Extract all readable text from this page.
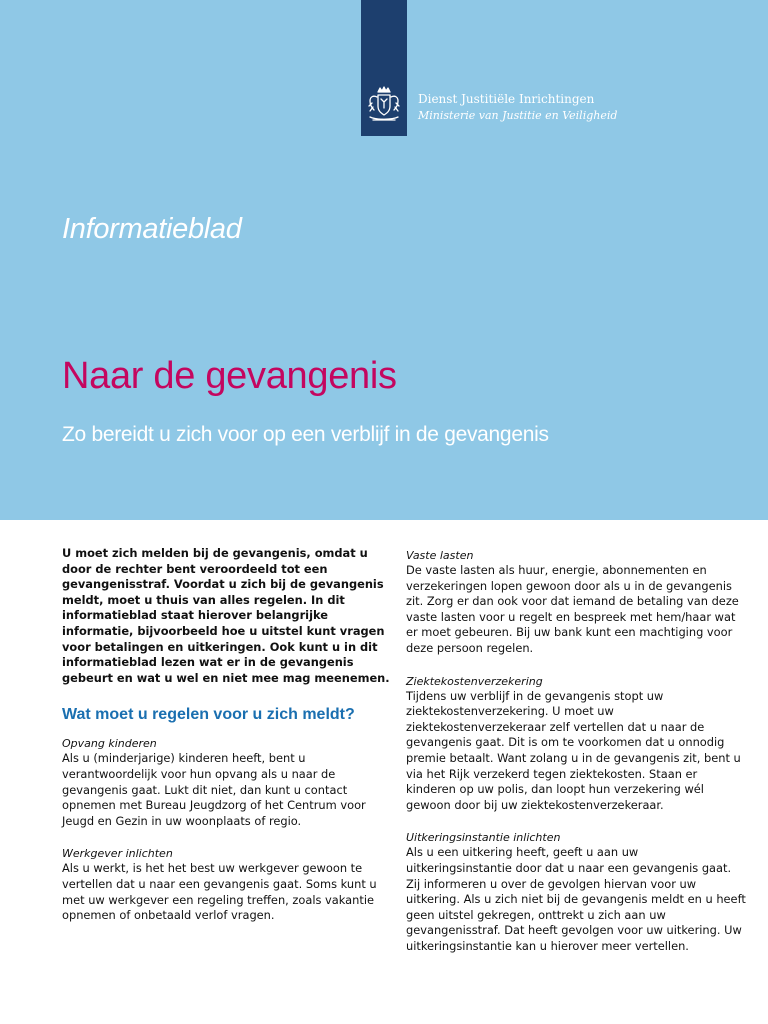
Dienst Justitiële Inrichtingen
Ministerie van Justitie en Veiligheid
Informatieblad
Naar de gevangenis
Zo bereidt u zich voor op een verblijf in de gevangenis

U moet zich melden bij de gevangenis, omdat u door de rechter bent veroordeeld tot een gevangenisstraf. Voordat u zich bij de gevangenis meldt, moet u thuis van alles regelen. In dit informatieblad staat hierover belangrijke informatie, bijvoorbeeld hoe u uitstel kunt vragen voor betalingen en uitkeringen. Ook kunt u in dit informatieblad lezen wat er in de gevangenis gebeurt en wat u wel en niet mee mag meenemen.

Wat moet u regelen voor u zich meldt?
Opvang kinderen

Als u (minderjarige) kinderen heeft, bent u verantwoordelijk voor hun opvang als u naar de gevangenis gaat. Lukt dit niet, dan kunt u contact opnemen met Bureau Jeugdzorg of het Centrum voor Jeugd en Gezin in uw woonplaats of regio.

Werkgever inlichten

Als u werkt, is het het best uw werkgever gewoon te vertellen dat u naar een gevangenis gaat. Soms kunt u met uw werkgever een regeling treffen, zoals vakantie opnemen of onbetaald verlof vragen.

Vaste lasten

De vaste lasten als huur, energie, abonnementen en verzekeringen lopen gewoon door als u in de gevangenis zit. Zorg er dan ook voor dat iemand de betaling van deze vaste lasten voor u regelt en bespreek met hem/haar wat er moet gebeuren. Bij uw bank kunt een machtiging voor deze persoon regelen.

Ziektekostenverzekering

Tijdens uw verblijf in de gevangenis stopt uw ziektekostenverzekering. U moet uw ziektekostenverzekeraar zelf vertellen dat u naar de gevangenis gaat. Dit is om te voorkomen dat u onnodig premie betaalt. Want zolang u in de gevangenis zit, bent u via het Rijk verzekerd tegen ziektekosten. Staan er kinderen op uw polis, dan loopt hun verzekering wél gewoon door bij uw ziektekostenverzekeraar.

Uitkeringsinstantie inlichten

Als u een uitkering heeft, geeft u aan uw uitkeringsinstantie door dat u naar een gevangenis gaat. Zij informeren u over de gevolgen hiervan voor uw uitkering. Als u zich niet bij de gevangenis meldt en u heeft geen uitstel gekregen, onttrekt u zich aan uw gevangenisstraf. Dat heeft gevolgen voor uw uitkering. Uw uitkeringsinstantie kan u hierover meer vertellen.
